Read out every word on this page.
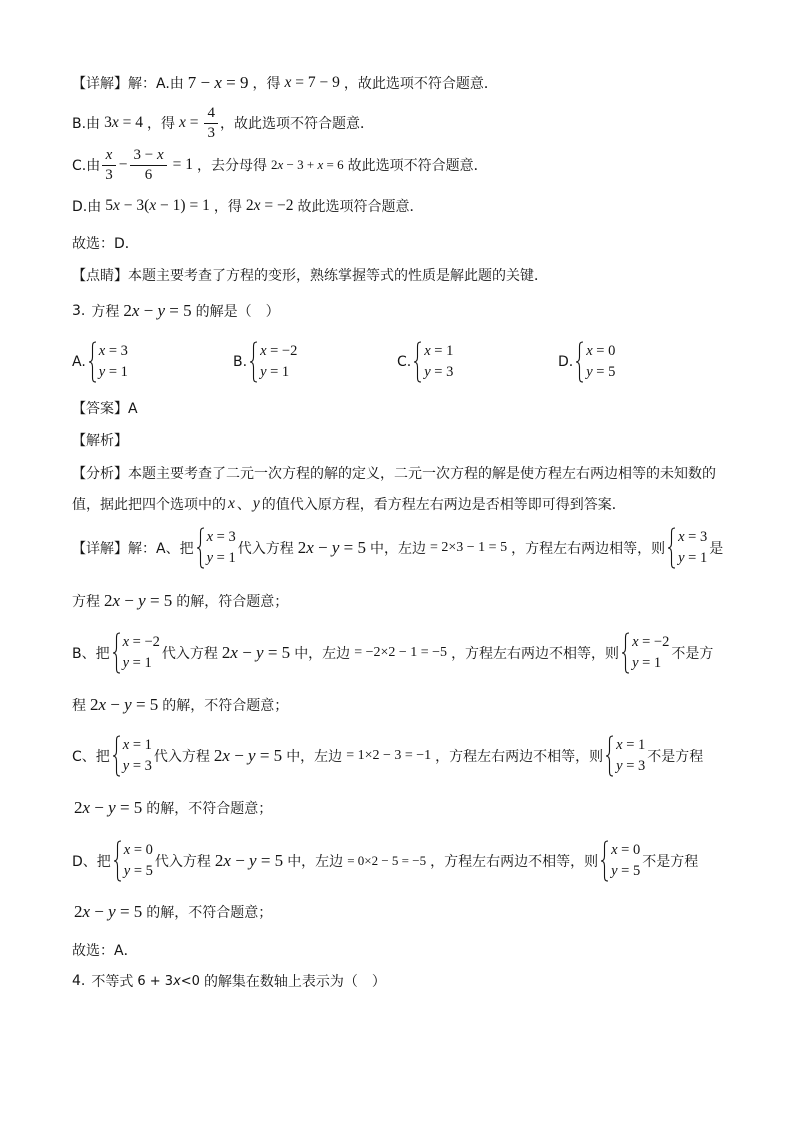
【详解】解：A.由 7 − x = 9 ，得 x = 7 − 9 ，故此选项不符合题意．
B.由 3x = 4 ，得 $x = \frac{4}{3}$ ，故此选项不符合题意．
C.由 $\frac{x}{3} - \frac{3 - x}{6} = 1$ ，去分母得 2x − 3 + x = 6 故此选项不符合题意．
D.由 5x − 3(x − 1) = 1 ，得 2x = −2 故此选项符合题意．
故选：D．
【点睛】本题主要考查了方程的变形，熟练掌握等式的性质是解此题的关键．
3. 方程 2x − y = 5 的解是（　）
A.
x = 3
y = 1
B.
x = −2
y = 1
C.
x = 1
y = 3
D.
x = 0
y = 5
【答案】A
【解析】
【分析】本题主要考查了二元一次方程的解的定义，二元一次方程的解是使方程左右两边相等的未知数的
值，据此把四个选项中的 x 、 y 的值代入原方程，看方程左右两边是否相等即可得到答案．
【详解】解：A、把
x = 3
y = 1
代入方程 2x − y = 5 中，左边 = 2×3 − 1 = 5 ，方程左右两边相等，则
x = 3
y = 1
是
方程 2x − y = 5 的解，符合题意；
B、把
x = −2
y = 1
代入方程 2x − y = 5 中，左边 = −2×2 − 1 = −5 ，方程左右两边不相等，则
x = −2
y = 1
不是方
程 2x − y = 5 的解，不符合题意；
C、把
x = 1
y = 3
代入方程 2x − y = 5 中，左边 = 1×2 − 3 = −1 ，方程左右两边不相等，则
x = 1
y = 3
不是方程
2x − y = 5 的解，不符合题意；
D、把
x = 0
y = 5
代入方程 2x − y = 5 中，左边 = 0×2 − 5 = −5 ，方程左右两边不相等，则
x = 0
y = 5
不是方程
2x − y = 5 的解，不符合题意；
故选：A．
4. 不等式 6 + 3x<0 的解集在数轴上表示为（　）
